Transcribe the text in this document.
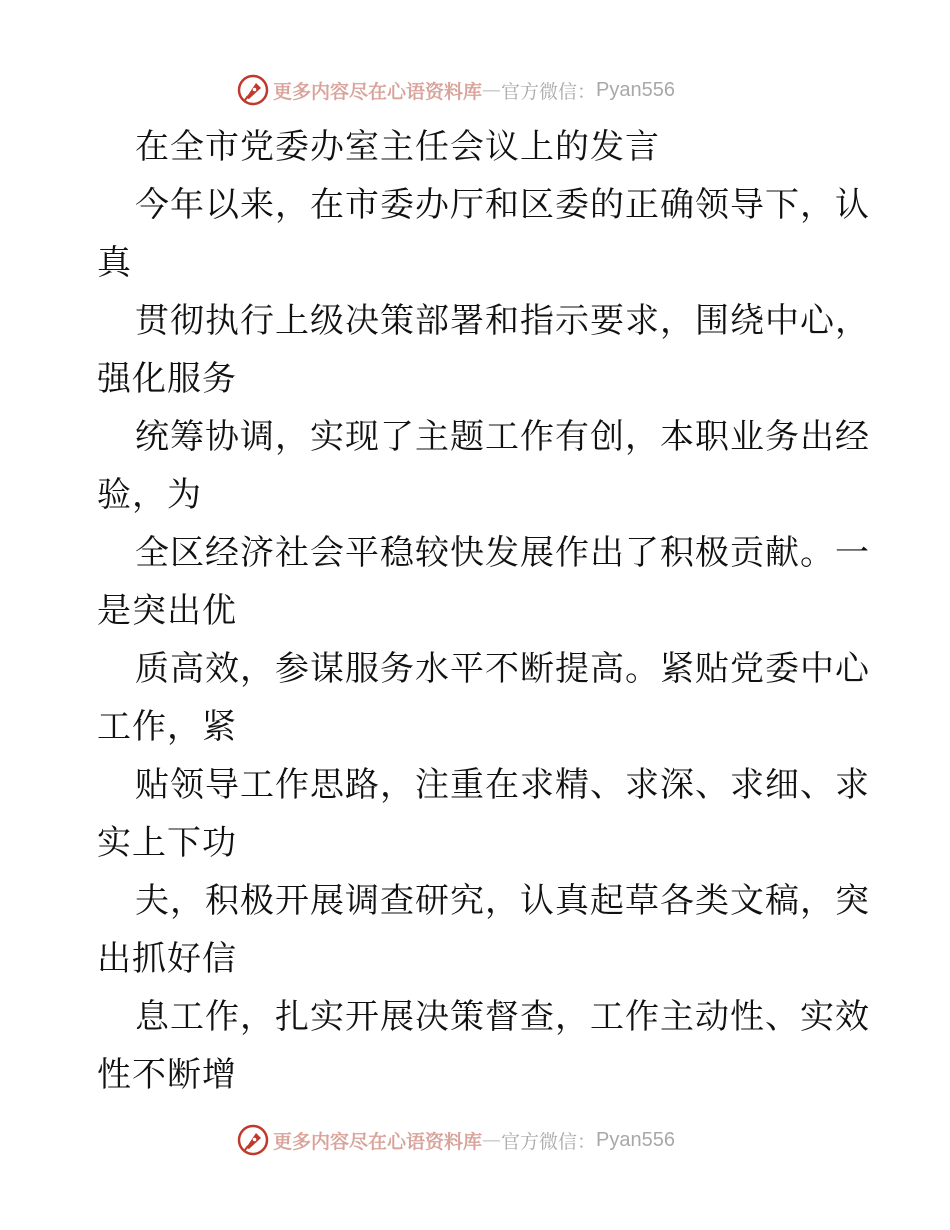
更多内容尽在心语资料库 — 官方微信： Pyan556
在全市党委办室主任会议上的发言
今年以来，在市委办厅和区委的正确领导下，认
真
贯彻执行上级决策部署和指示要求，围绕中心，
强化服务
统筹协调，实现了主题工作有创，本职业务出经
验，为
全区经济社会平稳较快发展作出了积极贡献。一
是突出优
质高效，参谋服务水平不断提高。紧贴党委中心
工作，紧
贴领导工作思路，注重在求精、求深、求细、求
实上下功
夫，积极开展调查研究，认真起草各类文稿，突
出抓好信
息工作，扎实开展决策督查，工作主动性、实效
性不断增
更多内容尽在心语资料库 — 官方微信： Pyan556
